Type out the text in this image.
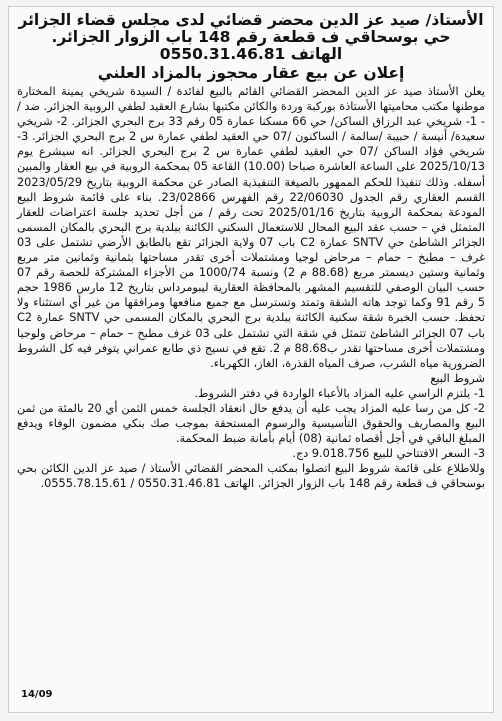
الأستاذ/ صيد عز الدين محضر قضائي لدى مجلس قضاء الجزائر
حي بوسحاقي ف قطعة رقم 148 باب الزوار الجزائر.
الهاتف 0550.31.46.81
إعلان عن بيع عقار محجوز بالمزاد العلني

يعلن الأستاذ صيد عز الدين المحضر القضائي القائم بالبيع لفائدة / السيدة شريخي يمينة المختارة موطنها مكتب محاميتها الأستاذة بوركبة وردة والكائن مكتبها بشارع العقيد لطفي الروبية الجزائر. ضد / - 1- شريخي عبد الرزاق الساكن/ حي 66 مسكنا عمارة 05 رقم 33 برج البحري الجزائر. 2- شريخي سعيدة/ أنيسة / حبيبة /سالمة / الساكنون /07 حي العقيد لطفي عمارة س 2 برج البحري الجزائر. 3- شريخي فؤاد الساكن /07 حي العقيد لطفي عمارة س 2 برج البحري الجزائر. انه سيشرع يوم 2025/10/13 على الساعة العاشرة صباحا (10.00) القاعة 05 بمحكمة الروبية في بيع العقار والمبين أسفله. وذلك تنفيذا للحكم الممهور بالصيغة التنفيذية الصادر عن محكمة الروبية بتاريخ 2023/05/29 القسم العقاري رقم الجدول 22/06030 رقم الفهرس 23/02866. بناء على قائمة شروط البيع المودعة بمحكمة الروبية بتاريخ 2025/01/16 تحت رقم / من أجل تحديد جلسة اعتراضات للعقار المتمثل في – حسب عقد البيع المحال للاستعمال السكني الكائنة ببلدية برج البحري بالمكان المسمى الجزائر الشاطئ حي SNTV عمارة C2 باب 07 ولاية الجزائر تقع بالطابق الأرضي تشتمل على 03 غرف – مطبخ – حمام – مرحاض لوجيا ومشتملات أخرى تقدر مساحتها بثمانية وثمانين متر مربع وثمانية وستين ديسمتر مربع (88.68 م 2) ونسبة 1000/74 من الأجزاء المشتركة للحصة رقم 07 حسب البيان الوصفي للتقسيم المشهر بالمحافظة العقارية ليبومرداس بتاريخ 12 مارس 1986 حجم 5 رقم 91 وكما توجد هاته الشقة وتمتد وتسترسل مع جميع منافعها ومرافقها من غير أي استثناء ولا تحفظ. حسب الخبرة شقة سكنية الكائنة ببلدية برج البحري بالمكان المسمى حي SNTV عمارة C2 باب 07 الجزائر الشاطئ تتمثل في شقة التي تشتمل على 03 غرف مطبخ – حمام – مرحاض ولوجيا ومشتملات أخرى مساحتها تقدر ب88.68 م 2. تقع في نسيج ذي طابع عمراني يتوفر فيه كل الشروط الضرورية مياه الشرب، صرف المياه القذرة، الغاز، الكهرباء.

شروط البيع

1- يلتزم الراسي عليه المزاد بالأعباء الواردة في دفتر الشروط.

2- كل من رسا عليه المزاد يجب عليه أن يدفع حال انعقاد الجلسة خمس الثمن أي 20 بالمئة من ثمن البيع والمصاريف والحقوق التأسيسية والرسوم المستحقة بموجب صك بنكي مضمون الوفاء ويدفع المبلغ الباقي في أجل أقصاه ثمانية (08) أيام بأمانة ضبط المحكمة.

3- السعر الافتتاحي للبيع 9.018.756 دج.

وللاطلاع على قائمة شروط البيع اتصلوا بمكتب المحضر القضائي الأستاذ / صيد عز الدين الكائن بحي بوسحاقي ف قطعة رقم 148 باب الزوار الجزائر. الهاتف 0550.31.46.81 / 0555.78.15.61.

14/09
